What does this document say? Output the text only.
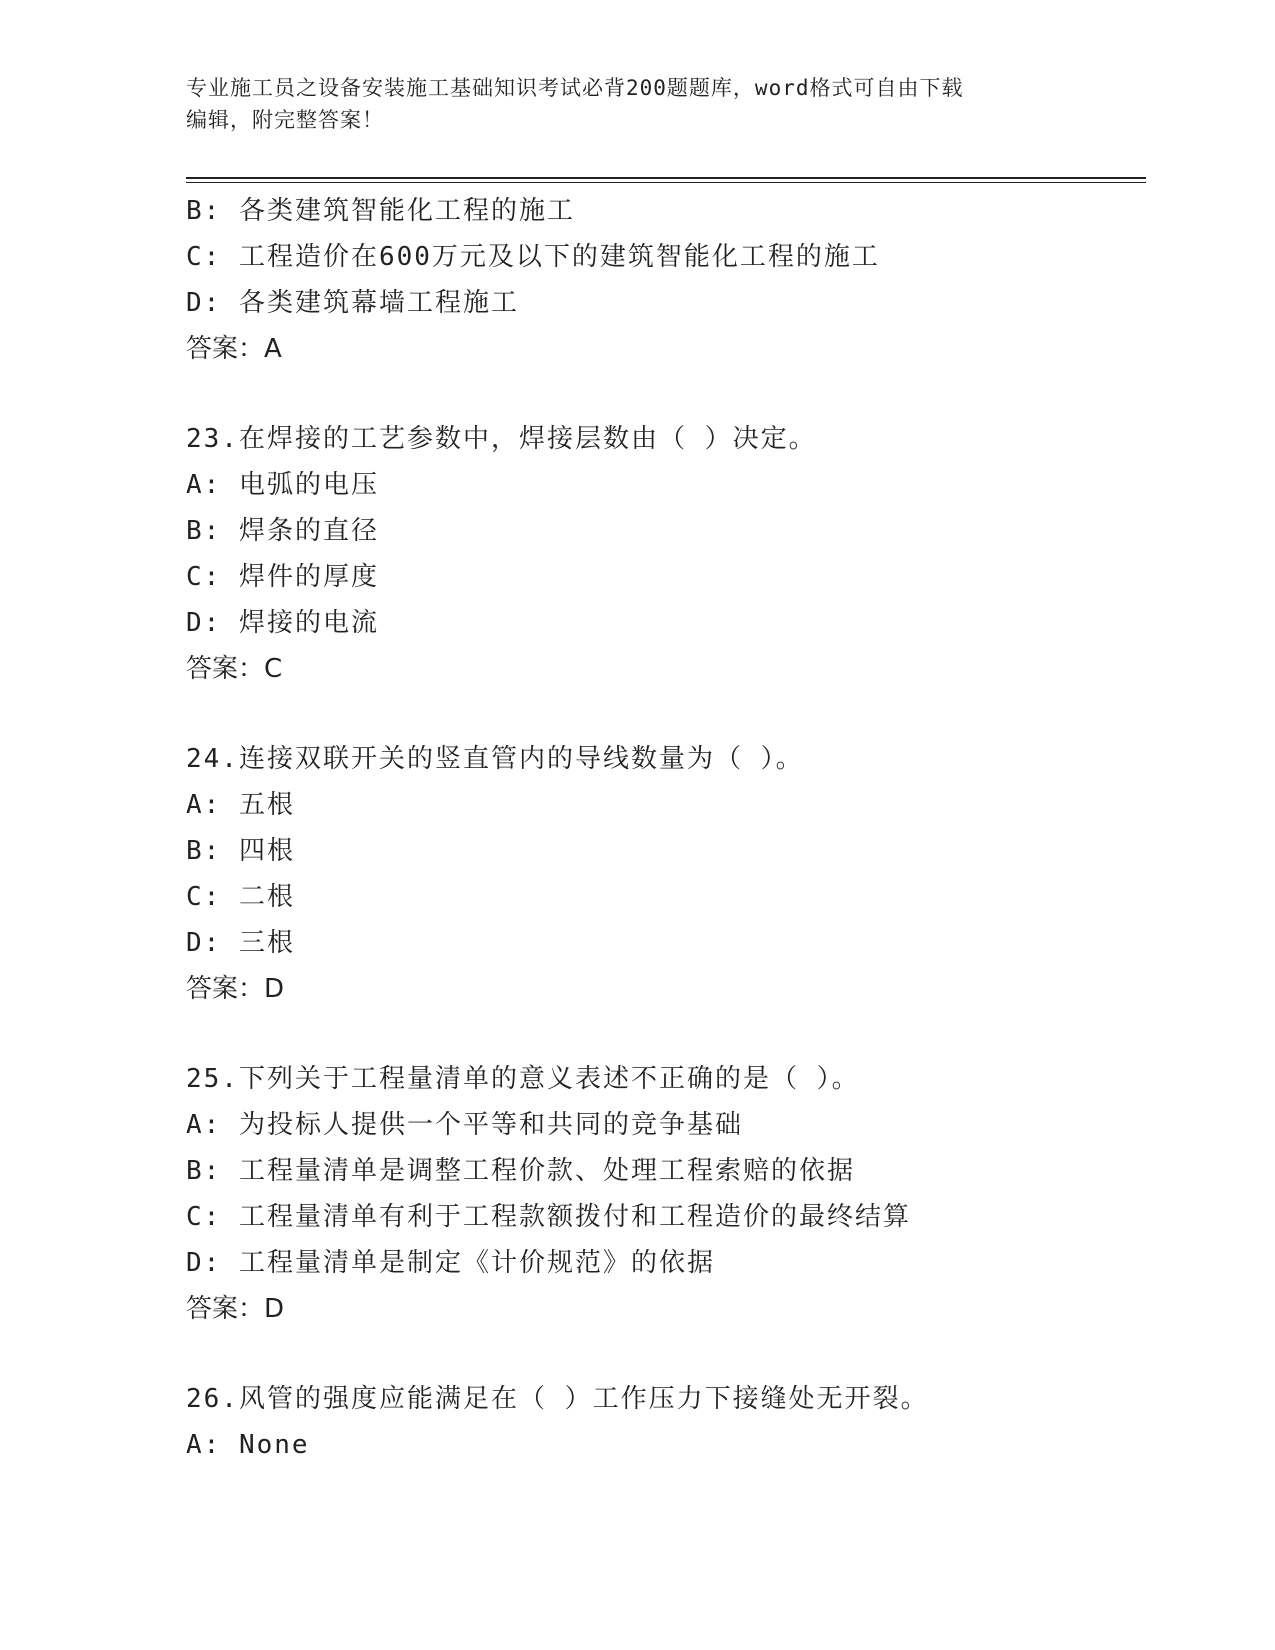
专业施工员之设备安装施工基础知识考试必背200题题库，word格式可自由下载
编辑，附完整答案！
B: 各类建筑智能化工程的施工
C: 工程造价在600万元及以下的建筑智能化工程的施工
D: 各类建筑幕墙工程施工
答案：A
23.在焊接的工艺参数中，焊接层数由（ ）决定。
A: 电弧的电压
B: 焊条的直径
C: 焊件的厚度
D: 焊接的电流
答案：C
24.连接双联开关的竖直管内的导线数量为（ ）。
A: 五根
B: 四根
C: 二根
D: 三根
答案：D
25.下列关于工程量清单的意义表述不正确的是（ ）。
A: 为投标人提供一个平等和共同的竞争基础
B: 工程量清单是调整工程价款、处理工程索赔的依据
C: 工程量清单有利于工程款额拨付和工程造价的最终结算
D: 工程量清单是制定《计价规范》的依据
答案：D
26.风管的强度应能满足在（ ）工作压力下接缝处无开裂。
A: None
